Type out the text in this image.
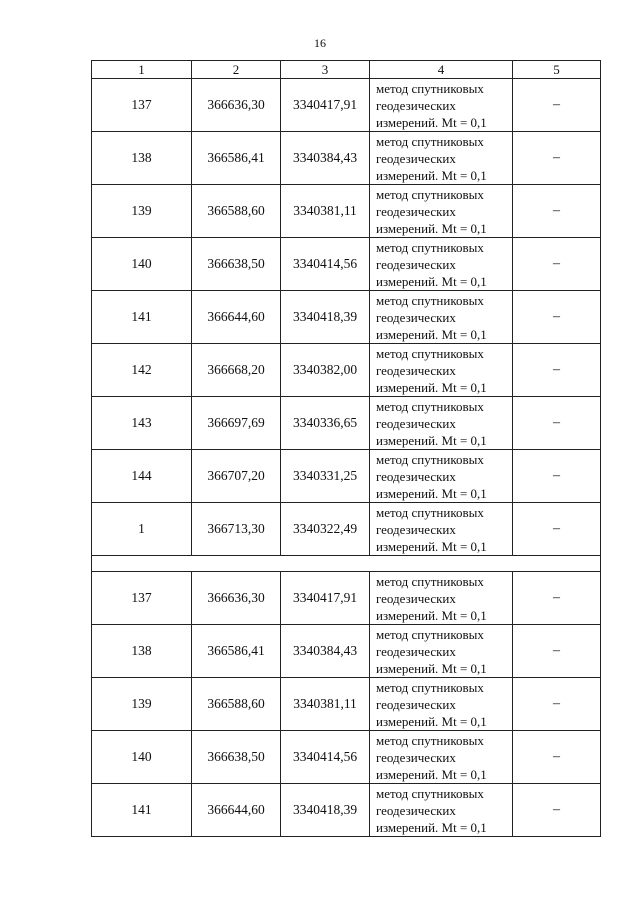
16
1	2	3	4	5
137	366636,30	3340417,91	метод спутниковых
геодезических
измерений. Mt = 0,1	–
138	366586,41	3340384,43	метод спутниковых
геодезических
измерений. Mt = 0,1	–
139	366588,60	3340381,11	метод спутниковых
геодезических
измерений. Mt = 0,1	–
140	366638,50	3340414,56	метод спутниковых
геодезических
измерений. Mt = 0,1	–
141	366644,60	3340418,39	метод спутниковых
геодезических
измерений. Mt = 0,1	–
142	366668,20	3340382,00	метод спутниковых
геодезических
измерений. Mt = 0,1	–
143	366697,69	3340336,65	метод спутниковых
геодезических
измерений. Mt = 0,1	–
144	366707,20	3340331,25	метод спутниковых
геодезических
измерений. Mt = 0,1	–
1	366713,30	3340322,49	метод спутниковых
геодезических
измерений. Mt = 0,1	–

137	366636,30	3340417,91	метод спутниковых
геодезических
измерений. Mt = 0,1	–
138	366586,41	3340384,43	метод спутниковых
геодезических
измерений. Mt = 0,1	–
139	366588,60	3340381,11	метод спутниковых
геодезических
измерений. Mt = 0,1	–
140	366638,50	3340414,56	метод спутниковых
геодезических
измерений. Mt = 0,1	–
141	366644,60	3340418,39	метод спутниковых
геодезических
измерений. Mt = 0,1	–
